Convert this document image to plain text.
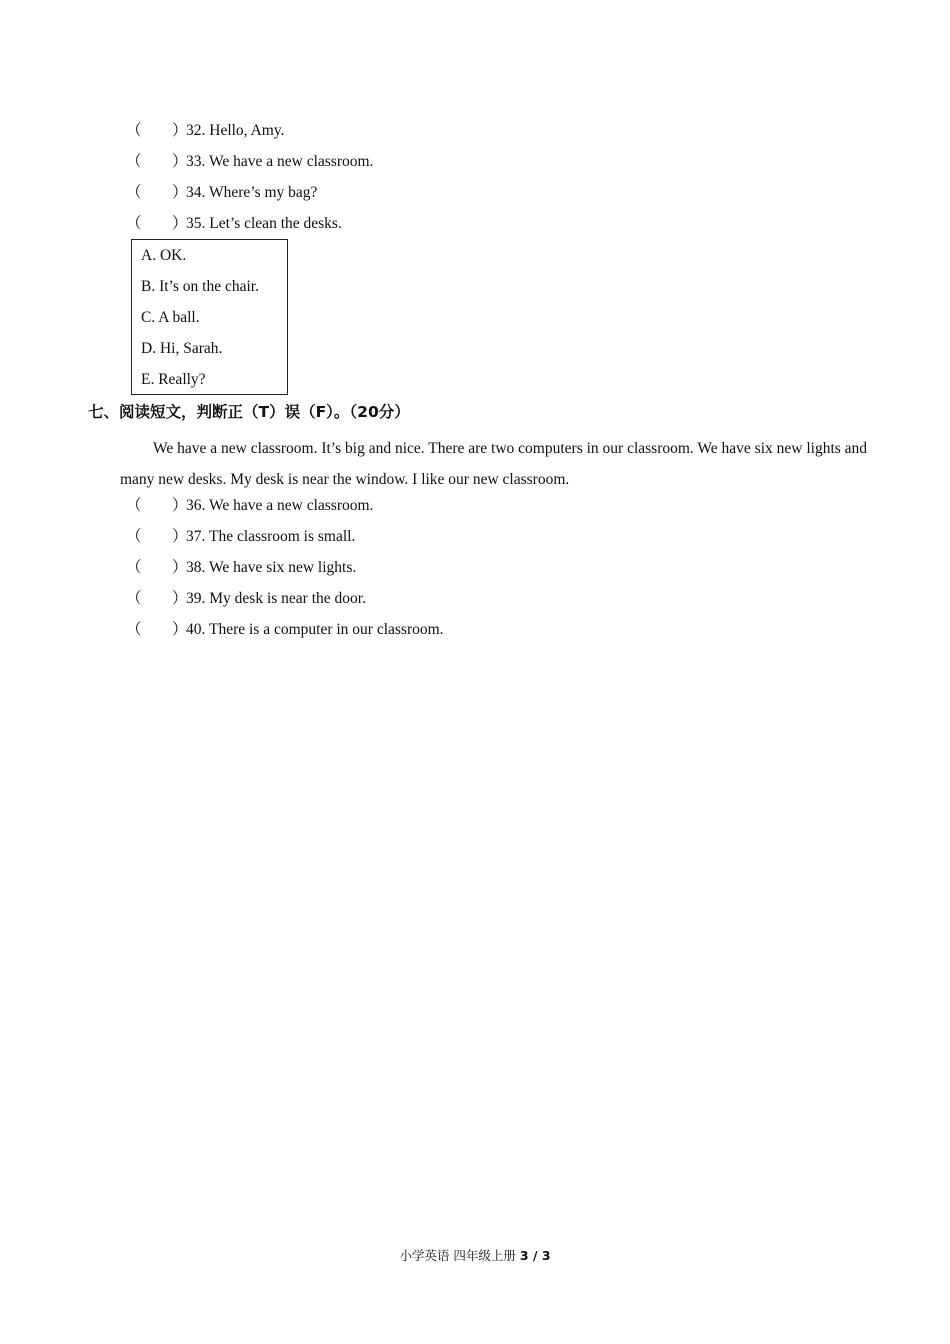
（ ）32. Hello, Amy.
（ ）33. We have a new classroom.
（ ）34. Where’s my bag?
（ ）35. Let’s clean the desks.
A. OK.
B. It’s on the chair.
C. A ball.
D. Hi, Sarah.
E. Really?
七、阅读短文，判断正（T）误（F）。（20分）

We have a new classroom. It’s big and nice. There are two computers in our classroom. We have six new lights and many new desks. My desk is near the window. I like our new classroom.

（ ）36. We have a new classroom.
（ ）37. The classroom is small.
（ ）38. We have six new lights.
（ ）39. My desk is near the door.
（ ）40. There is a computer in our classroom.
小学英语 四年级上册 3 / 3
